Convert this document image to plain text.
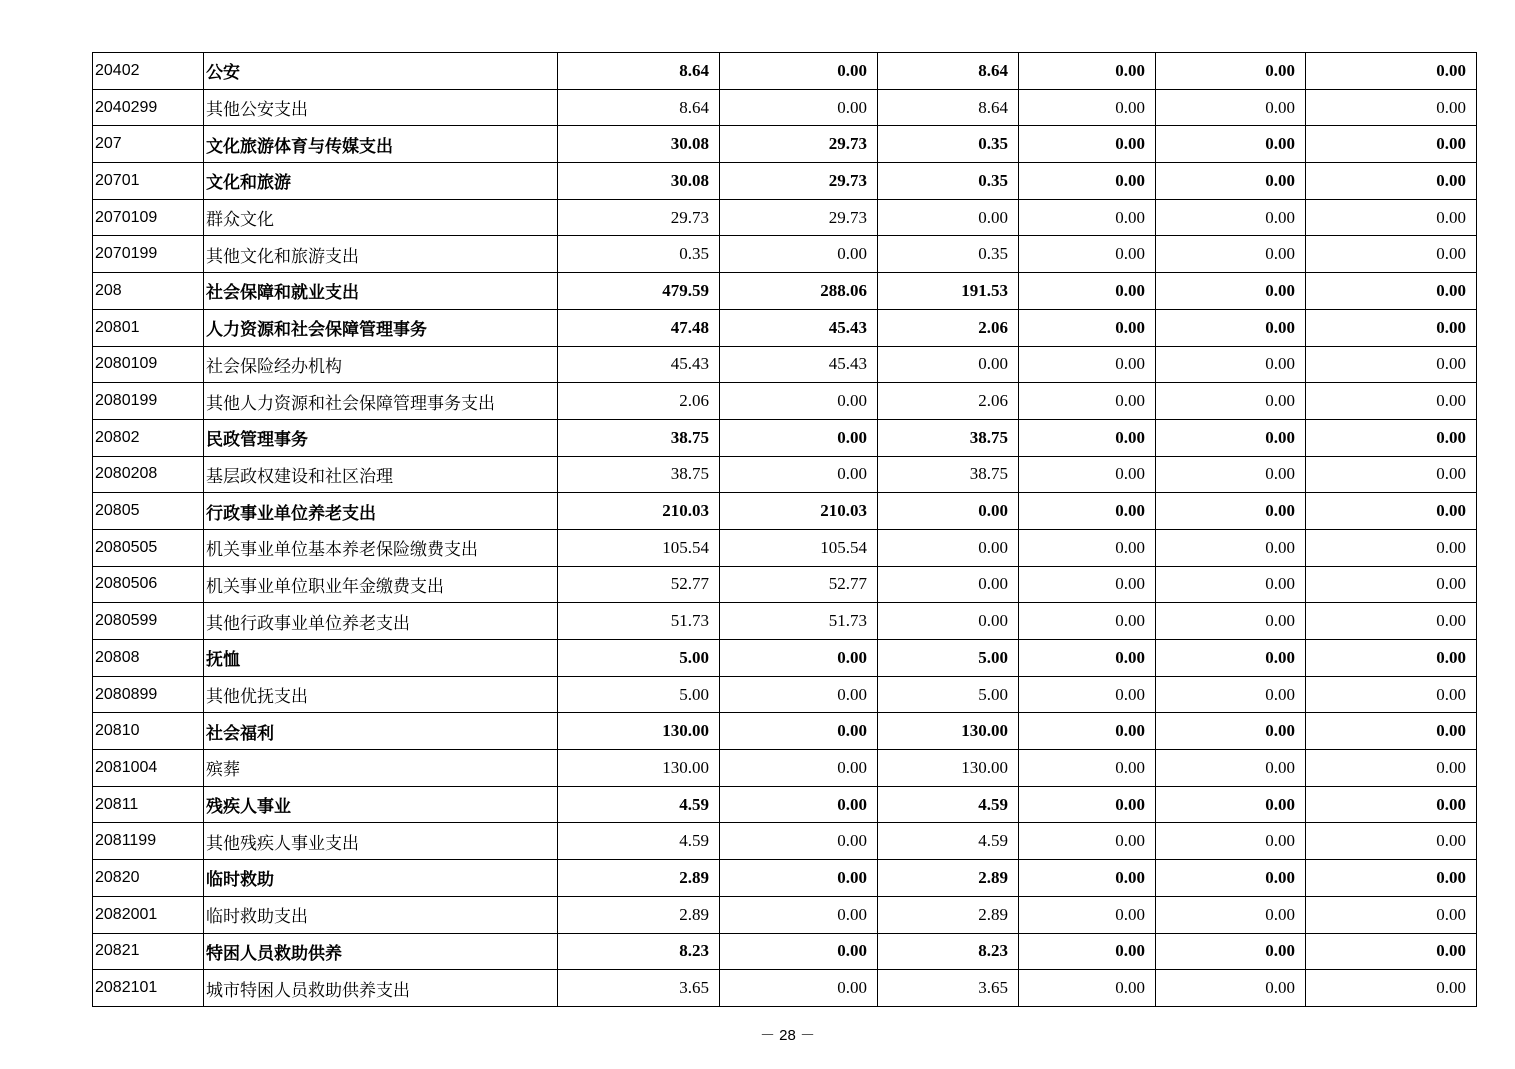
20402	公安	8.64	0.00	8.64	0.00	0.00	0.00
2040299	其他公安支出	8.64	0.00	8.64	0.00	0.00	0.00
207	文化旅游体育与传媒支出	30.08	29.73	0.35	0.00	0.00	0.00
20701	文化和旅游	30.08	29.73	0.35	0.00	0.00	0.00
2070109	群众文化	29.73	29.73	0.00	0.00	0.00	0.00
2070199	其他文化和旅游支出	0.35	0.00	0.35	0.00	0.00	0.00
208	社会保障和就业支出	479.59	288.06	191.53	0.00	0.00	0.00
20801	人力资源和社会保障管理事务	47.48	45.43	2.06	0.00	0.00	0.00
2080109	社会保险经办机构	45.43	45.43	0.00	0.00	0.00	0.00
2080199	其他人力资源和社会保障管理事务支出	2.06	0.00	2.06	0.00	0.00	0.00
20802	民政管理事务	38.75	0.00	38.75	0.00	0.00	0.00
2080208	基层政权建设和社区治理	38.75	0.00	38.75	0.00	0.00	0.00
20805	行政事业单位养老支出	210.03	210.03	0.00	0.00	0.00	0.00
2080505	机关事业单位基本养老保险缴费支出	105.54	105.54	0.00	0.00	0.00	0.00
2080506	机关事业单位职业年金缴费支出	52.77	52.77	0.00	0.00	0.00	0.00
2080599	其他行政事业单位养老支出	51.73	51.73	0.00	0.00	0.00	0.00
20808	抚恤	5.00	0.00	5.00	0.00	0.00	0.00
2080899	其他优抚支出	5.00	0.00	5.00	0.00	0.00	0.00
20810	社会福利	130.00	0.00	130.00	0.00	0.00	0.00
2081004	殡葬	130.00	0.00	130.00	0.00	0.00	0.00
20811	残疾人事业	4.59	0.00	4.59	0.00	0.00	0.00
2081199	其他残疾人事业支出	4.59	0.00	4.59	0.00	0.00	0.00
20820	临时救助	2.89	0.00	2.89	0.00	0.00	0.00
2082001	临时救助支出	2.89	0.00	2.89	0.00	0.00	0.00
20821	特困人员救助供养	8.23	0.00	8.23	0.00	0.00	0.00
2082101	城市特困人员救助供养支出	3.65	0.00	3.65	0.00	0.00	0.00
－ 28 －
